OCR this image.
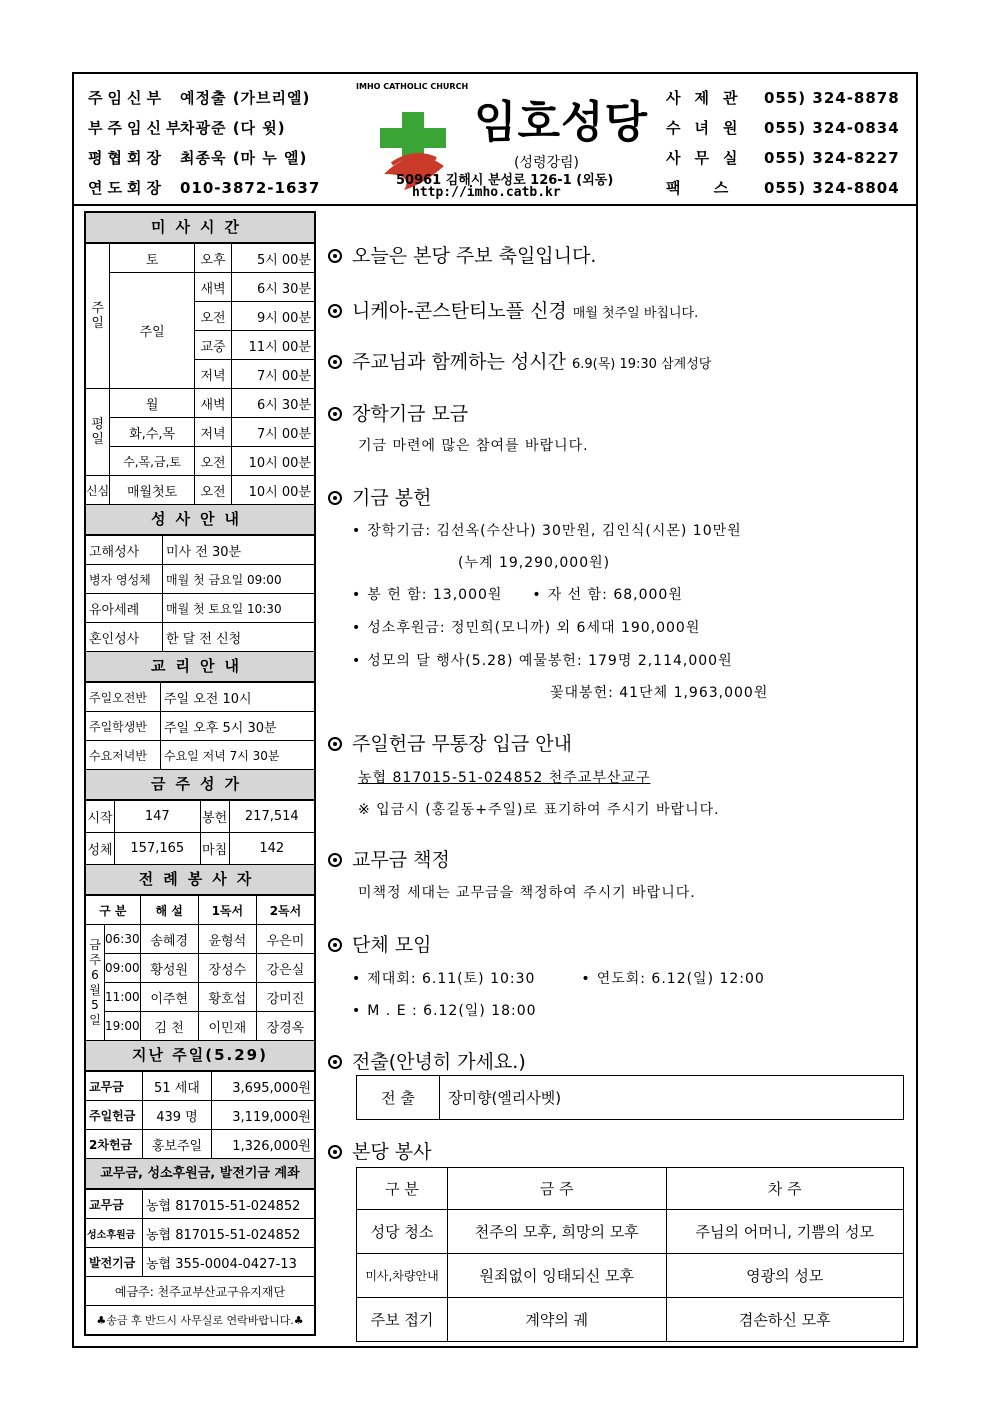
주임신부 예정출 (가브리엘)
부주임신부차광준 (다 윗)
평협회장 최종욱 (마 누 엘)
연도회장 010-3872-1637
IMHO CATHOLIC CHURCH
임호성당
(성령강림)
50961 김해시 분성로 126-1 (외동)
http://imho.catb.kr
사제관 055) 324-8878
수녀원 055) 324-0834
사무실 055) 324-8227
팩 스 055) 324-8804
미사시간
주일	토	오후	5시 00분
	주일	새벽	6시 30분
		오전	9시 00분
		교중	11시 00분
		저녁	7시 00분
평일	월	새벽	6시 30분
	화,수,목	저녁	7시 00분
	수,목,금,토	오전	10시 00분
신심	매월첫토	오전	10시 00분
성사안내
고해성사	미사 전 30분
병자 영성체	매월 첫 금요일 09:00
유아세례	매월 첫 토요일 10:30
혼인성사	한 달 전 신청
교리안내
주일오전반	주일 오전 10시
주일학생반	주일 오후 5시 30분
수요저녁반	수요일 저녁 7시 30분
금주성가
시작	147	봉헌	217,514
성체	157,165	마침	142
전례봉사자
구 분		해 설	1독서	2독서
금주 6월 5일	06:30	송혜경	윤형석	우은미
	09:00	황성원	장성수	강은실
	11:00	이주현	황호섭	강미진
	19:00	김 천	이민재	장경옥
지난 주일(5.29)
교무금	51 세대	3,695,000원
주일헌금	439 명	3,119,000원
2차헌금	홍보주일	1,326,000원
교무금, 성소후원금, 발전기금 계좌
교무금	농협 817015-51-024852
성소후원금	농협 817015-51-024852
발전기금	농협 355-0004-0427-13
예금주: 천주교부산교구유지재단	
♣송금 후 반드시 사무실로 연락바랍니다.♣	
오늘은 본당 주보 축일입니다.
니케아-콘스탄티노플 신경 매월 첫주일 바칩니다.
주교님과 함께하는 성시간 6.9(목) 19:30 삼계성당
장학기금 모금
기금 마련에 많은 참여를 바랍니다.
기금 봉헌
• 장학기금: 김선옥(수산나) 30만원, 김인식(시몬) 10만원
(누계 19,290,000원)
• 봉 헌 함: 13,000원 • 자 선 함: 68,000원
• 성소후원금: 정민희(모니까) 외 6세대 190,000원
• 성모의 달 행사(5.28) 예물봉헌: 179명 2,114,000원
꽃대봉헌: 41단체 1,963,000원
주일헌금 무통장 입금 안내
농협 817015-51-024852 천주교부산교구
※ 입금시 (홍길동+주일)로 표기하여 주시기 바랍니다.
교무금 책정
미책정 세대는 교무금을 책정하여 주시기 바랍니다.
단체 모임
• 제대회: 6.11(토) 10:30	• 연도회: 6.12(일) 12:00
• M . E : 6.12(일) 18:00
전출(안녕히 가세요.)
전 출	장미향(엘리사벳)
본당 봉사
구 분	금 주	차 주
성당 청소	천주의 모후, 희망의 모후	주님의 어머니, 기쁨의 성모
미사,차량안내	원죄없이 잉태되신 모후	영광의 성모
주보 접기	계약의 궤	겸손하신 모후
